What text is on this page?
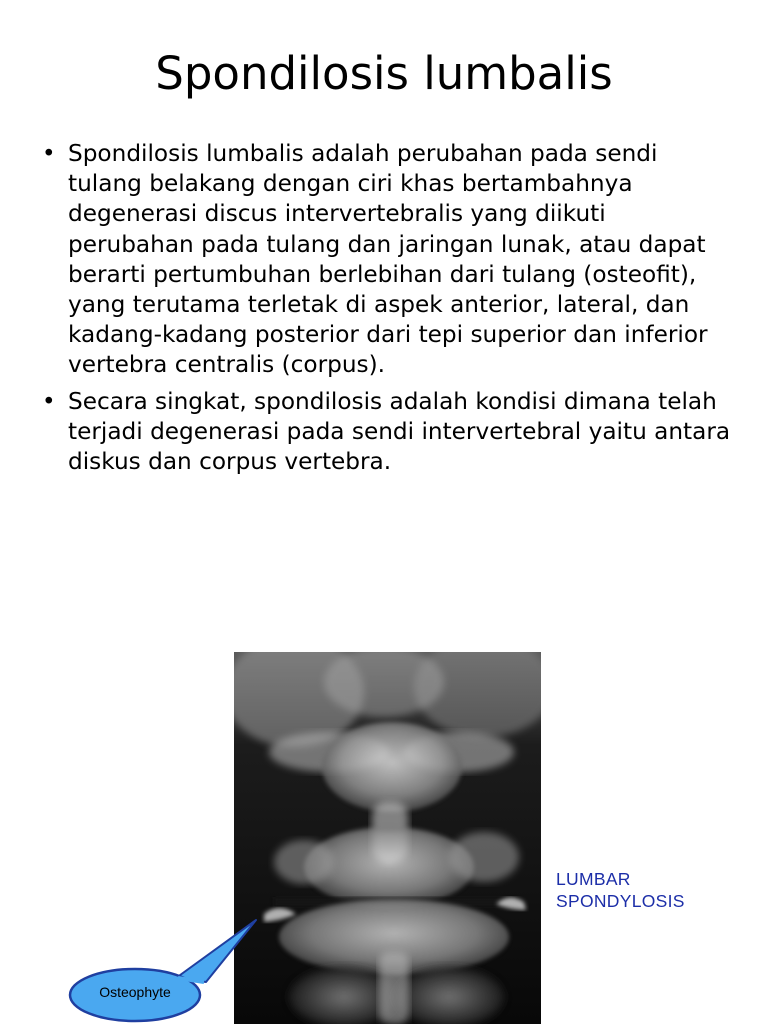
Spondilosis lumbalis
• Spondilosis lumbalis adalah perubahan pada sendi tulang belakang dengan ciri khas bertambahnya degenerasi discus intervertebralis yang diikuti perubahan pada tulang dan jaringan lunak, atau dapat berarti pertumbuhan berlebihan dari tulang (osteofit), yang terutama terletak di aspek anterior, lateral, dan kadang-kadang posterior dari tepi superior dan inferior vertebra centralis (corpus).
• Secara singkat, spondilosis adalah kondisi dimana telah terjadi degenerasi pada sendi intervertebral yaitu antara diskus dan corpus vertebra.
LUMBAR
SPONDYLOSIS
Osteophyte
